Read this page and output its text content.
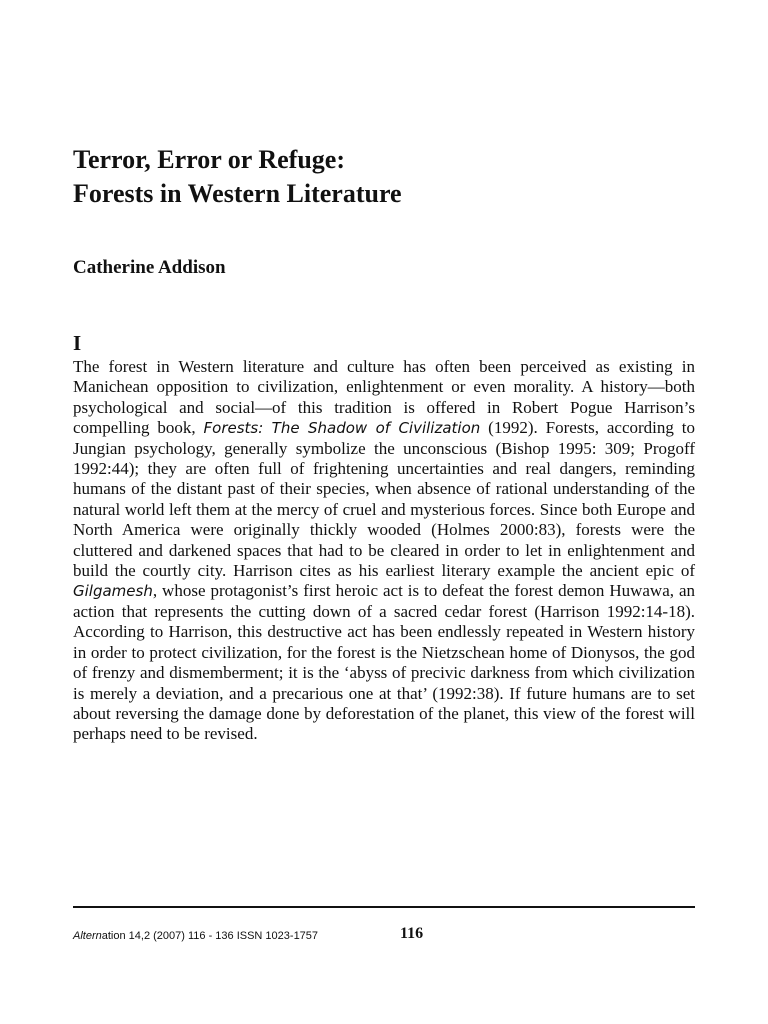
Terror, Error or Refuge:
Forests in Western Literature

Catherine Addison

I

The forest in Western literature and culture has often been perceived as existing in Manichean opposition to civilization, enlightenment or even morality. A history—both psychological and social—of this tradition is offered in Robert Pogue Harrison’s compelling book, Forests: The Shadow of Civilization (1992). Forests, according to Jungian psychology, generally symbolize the unconscious (Bishop 1995: 309; Progoff 1992:44); they are often full of frightening uncertainties and real dangers, reminding humans of the distant past of their species, when absence of rational understanding of the natural world left them at the mercy of cruel and mysterious forces. Since both Europe and North America were originally thickly wooded (Holmes 2000:83), forests were the cluttered and darkened spaces that had to be cleared in order to let in enlightenment and build the courtly city. Harrison cites as his earliest literary example the ancient epic of Gilgamesh, whose protagonist’s first heroic act is to defeat the forest demon Huwawa, an action that represents the cutting down of a sacred cedar forest (Harrison 1992:14-18). According to Harrison, this destructive act has been endlessly repeated in Western history in order to protect civilization, for the forest is the Nietzschean home of Dionysos, the god of frenzy and dismemberment; it is the ‘abyss of precivic darkness from which civilization is merely a deviation, and a precarious one at that’ (1992:38). If future humans are to set about reversing the damage done by deforestation of the planet, this view of the forest will perhaps need to be revised.

Alternation 14,2 (2007) 116 - 136 ISSN 1023-1757	116
